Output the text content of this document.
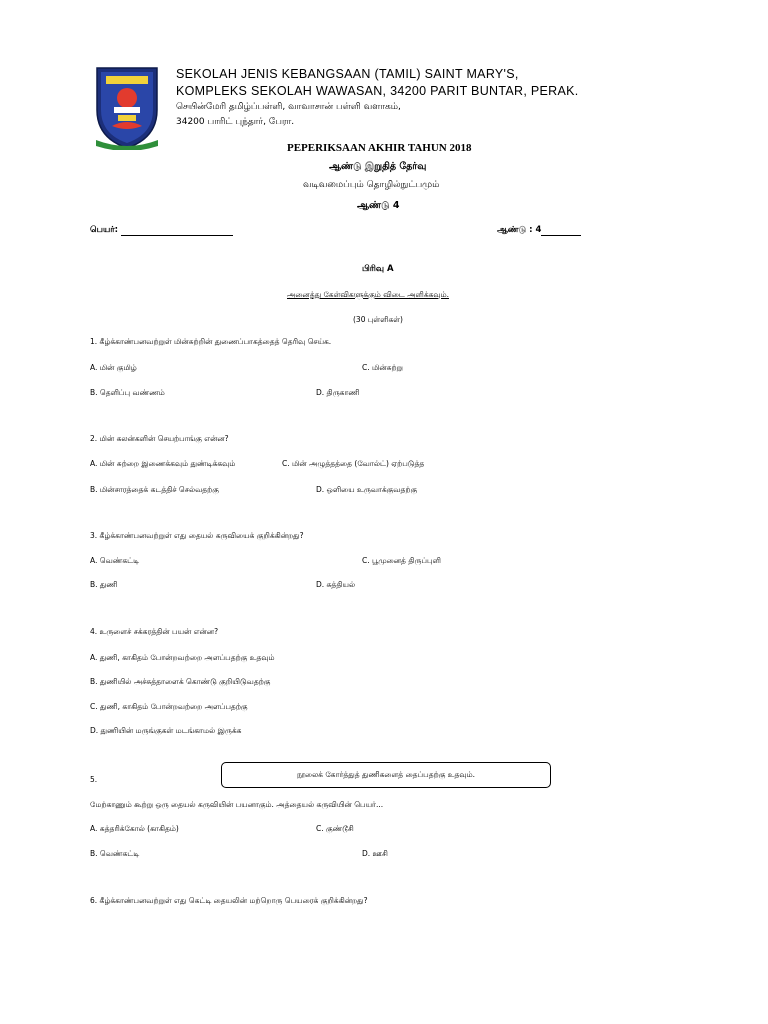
SEKOLAH JENIS KEBANGSAAN (TAMIL) SAINT MARY'S,
KOMPLEKS SEKOLAH WAWASAN, 34200 PARIT BUNTAR, PERAK.
செயின்மேரி தமிழ்ப்பள்ளி, வாவாசான் பள்ளி வளாகம்,
34200 பாரிட் புந்தார், பேரா.
PEPERIKSAAN AKHIR TAHUN 2018
ஆண்டு இறுதித் தேர்வு
வடிவமைப்பும் தொழில்நுட்பமும்
ஆண்டு 4
பெயர்:	ஆண்டு : 4
பிரிவு A
அனைத்து கேள்விகளுக்கும் விடை அளிக்கவும்.
(30 புள்ளிகள்)
1. கீழ்க்காண்பனவற்றுள் மின்சுற்றின் துணைப்பாகத்தைத் தெரிவு செய்க.
A. மின் குமிழ்	C. மின்சுற்று
B. தெளிப்பு வண்ணம்	D. திருகாணி
2. மின் கலன்களின் செயற்பாங்கு என்ன?
A. மின் சுற்றை இணைக்கவும் துண்டிக்கவும்	C. மின் அழுத்தத்தை (வோல்ட்) ஏற்படுத்த
B. மின்சாரத்தைக் கடத்திச் செல்வதற்கு	D. ஒளியை உருவாக்குவதற்கு
3. கீழ்க்காண்பனவற்றுள் எது தையல் கருவியைக் குறிக்கின்றது?
A. வெண்கட்டி	C. பூமுனைத் திருப்புளி
B. துணி	D. சுத்தியல்
4. உருளைச் சக்கரத்தின் பயன் என்ன?
A. துணி, காகிதம் போன்றவற்றை அளப்பதற்கு உதவும்
B. துணியில் அச்சுத்தாளைக் கொண்டு குறியிடுவதற்கு
C. துணி, காகிதம் போன்றவற்றை அளப்பதற்கு
D. துணியின் மருங்குகள் மடங்காமல் இருக்க
5.
நூலைக் கோர்த்துத் துணிகளைத் தைப்பதற்கு உதவும்.
மேற்காணும் கூற்று ஒரு தையல் கருவியின் பயனாகும். அத்தையல் கருவியின் பெயர்...
A. கத்தரிக்கோல் (காகிதம்)	C. குண்டூசி
B. வெண்கட்டி	D. ஊசி
6. கீழ்க்காண்பனவற்றுள் எது கெட்டி தையலின் மற்றொரு பெயரைக் குறிக்கின்றது?
